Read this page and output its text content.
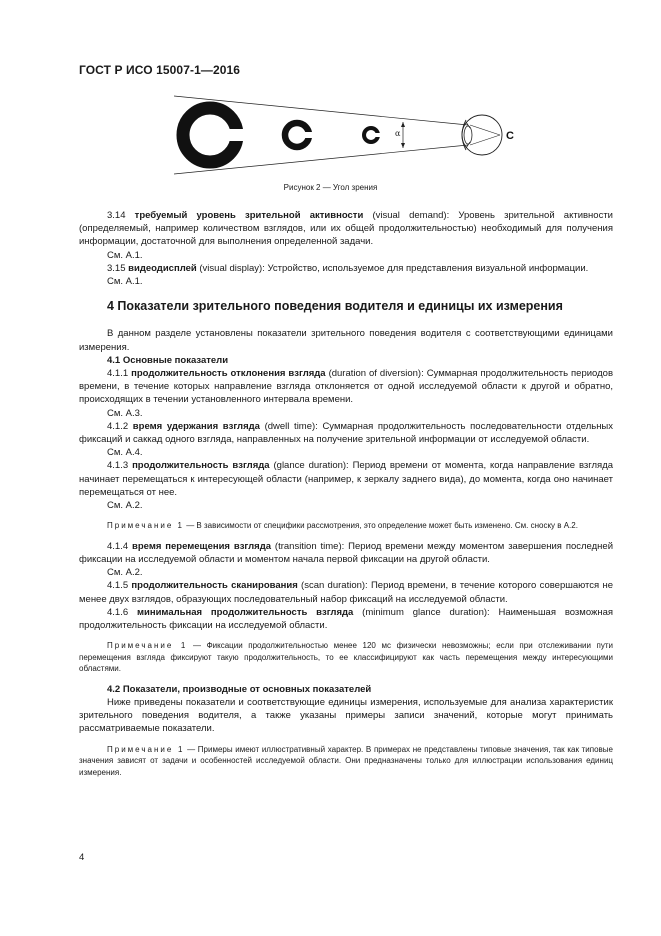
ГОСТ Р ИСО 15007-1—2016
α	C
Рисунок 2 — Угол зрения

3.14 требуемый уровень зрительной активности (visual demand): Уровень зрительной активности (определяемый, например количеством взглядов, или их общей продолжительностью) необходимый для получения информации, достаточной для выполнения определенной задачи.

См. А.1.

3.15 видеодисплей (visual display): Устройство, используемое для представления визуальной информации.

См. А.1.

4 Показатели зрительного поведения водителя и единицы их измерения

В данном разделе установлены показатели зрительного поведения водителя с соответствующими единицами измерения.

4.1 Основные показатели

4.1.1 продолжительность отклонения взгляда (duration of diversion): Суммарная продолжительность периодов времени, в течение которых направление взгляда отклоняется от одной исследуемой области к другой и обратно, происходящих в течении установленного интервала времени.

См. А.3.

4.1.2 время удержания взгляда (dwell time): Суммарная продолжительность последовательности отдельных фиксаций и саккад одного взгляда, направленных на получение зрительной информации от исследуемой области.

См. А.4.

4.1.3 продолжительность взгляда (glance duration): Период времени от момента, когда направление взгляда начинает перемещаться к интересующей области (например, к зеркалу заднего вида), до момента, когда оно начинает перемещаться от нее.

См. А.2.

Примечание 1 — В зависимости от специфики рассмотрения, это определение может быть изменено. См. сноску в А.2.

4.1.4 время перемещения взгляда (transition time): Период времени между моментом завершения последней фиксации на исследуемой области и моментом начала первой фиксации на другой области.

См. А.2.

4.1.5 продолжительность сканирования (scan duration): Период времени, в течение которого совершаются не менее двух взглядов, образующих последовательный набор фиксаций на исследуемой области.

4.1.6 минимальная продолжительность взгляда (minimum glance duration): Наименьшая возможная продолжительность фиксации на исследуемой области.

Примечание 1 — Фиксации продолжительностью менее 120 мс физически невозможны; если при отслеживании пути перемещения взгляда фиксируют такую продолжительность, то ее классифицируют как часть перемещения между интересующими областями.

4.2 Показатели, производные от основных показателей

Ниже приведены показатели и соответствующие единицы измерения, используемые для анализа характеристик зрительного поведения водителя, а также указаны примеры записи значений, которые могут принимать рассматриваемые показатели.

Примечание 1 — Примеры имеют иллюстративный характер. В примерах не представлены типовые значения, так как типовые значения зависят от задачи и особенностей исследуемой области. Они предназначены только для иллюстрации использования единиц измерения.

4
